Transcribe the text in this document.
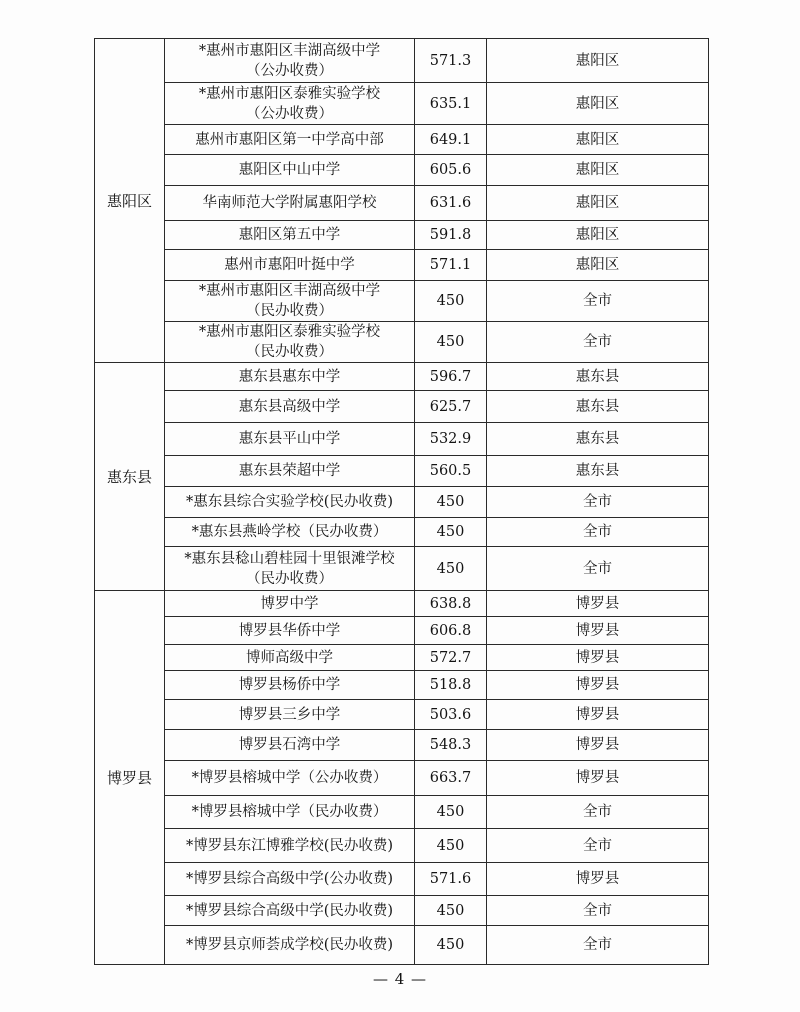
惠阳区	*惠州市惠阳区丰湖高级中学
（公办收费）	571.3	惠阳区

	*惠州市惠阳区泰雅实验学校
（公办收费）	635.1	惠阳区

	惠州市惠阳区第一中学高中部	649.1	惠阳区

	惠阳区中山中学	605.6	惠阳区

	华南师范大学附属惠阳学校	631.6	惠阳区

	惠阳区第五中学	591.8	惠阳区

	惠州市惠阳叶挺中学	571.1	惠阳区

	*惠州市惠阳区丰湖高级中学
（民办收费）	450	全市

	*惠州市惠阳区泰雅实验学校
（民办收费）	450	全市
惠东县	惠东县惠东中学	596.7	惠东县

	惠东县高级中学	625.7	惠东县

	惠东县平山中学	532.9	惠东县

	惠东县荣超中学	560.5	惠东县

	*惠东县综合实验学校(民办收费)	450	全市

	*惠东县燕岭学校（民办收费）	450	全市

	*惠东县稔山碧桂园十里银滩学校
（民办收费）	450	全市
博罗县	博罗中学	638.8	博罗县

	博罗县华侨中学	606.8	博罗县

	博师高级中学	572.7	博罗县

	博罗县杨侨中学	518.8	博罗县

	博罗县三乡中学	503.6	博罗县

	博罗县石湾中学	548.3	博罗县

	*博罗县榕城中学（公办收费）	663.7	博罗县

	*博罗县榕城中学（民办收费）	450	全市

	*博罗县东江博雅学校(民办收费)	450	全市

	*博罗县综合高级中学(公办收费)	571.6	博罗县

	*博罗县综合高级中学(民办收费)	450	全市

	*博罗县京师荟成学校(民办收费)	450	全市
— 4 —
